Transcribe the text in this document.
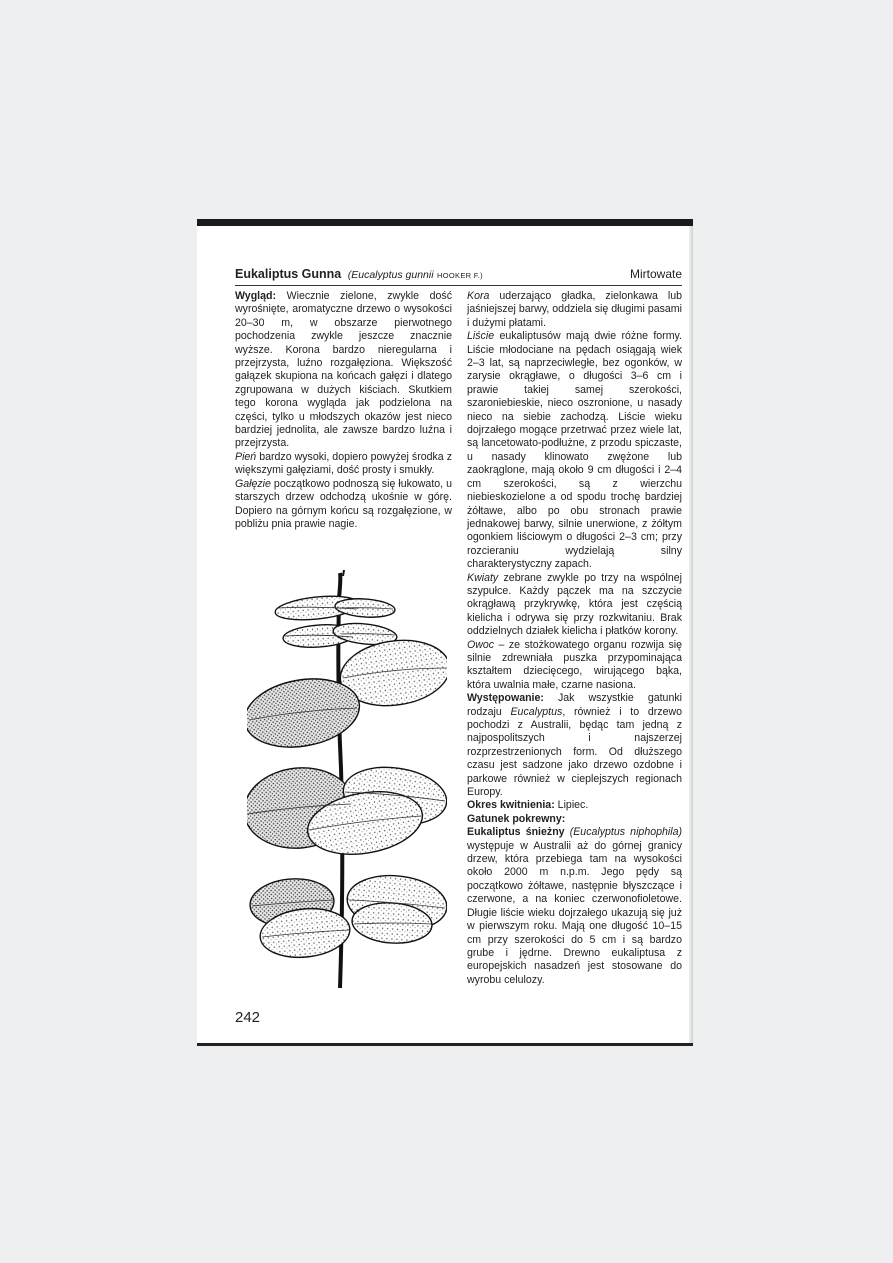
Eukaliptus Gunna (Eucalyptus gunnii HOOKER F.)	Mirtowate

Wygląd: Wiecznie zielone, zwykle dość wyrośnięte, aromatyczne drzewo o wysokości 20–30 m, w obszarze pierwotnego pochodzenia zwykle jeszcze znacznie wyższe. Korona bardzo nieregularna i przejrzysta, luźno rozgałęziona. Większość gałązek skupiona na końcach gałęzi i dlatego zgrupowana w dużych kiściach. Skutkiem tego korona wygląda jak podzielona na części, tylko u młodszych okazów jest nieco bardziej jednolita, ale zawsze bardzo luźna i przejrzysta.

Pień bardzo wysoki, dopiero powyżej środka z większymi gałęziami, dość prosty i smukły.

Gałęzie początkowo podnoszą się łukowato, u starszych drzew odchodzą ukośnie w górę. Dopiero na górnym końcu są rozgałęzione, w pobliżu pnia prawie nagie.

Kora uderzająco gładka, zielonkawa lub jaśniejszej barwy, oddziela się długimi pasami i dużymi płatami.

Liście eukaliptusów mają dwie różne formy. Liście młodociane na pędach osiągają wiek 2–3 lat, są naprzeciwległe, bez ogonków, w zarysie okrągławe, o długości 3–6 cm i prawie takiej samej szerokości, szaroniebieskie, nieco oszronione, u nasady nieco na siebie zachodzą. Liście wieku dojrzałego mogące przetrwać przez wiele lat, są lancetowato-podłużne, z przodu spiczaste, u nasady klinowato zwężone lub zaokrąglone, mają około 9 cm długości i 2–4 cm szerokości, są z wierzchu niebieskozielone a od spodu trochę bardziej żółtawe, albo po obu stronach prawie jednakowej barwy, silnie unerwione, z żółtym ogonkiem liściowym o długości 2–3 cm; przy rozcieraniu wydzielają silny charakterystyczny zapach.

Kwiaty zebrane zwykle po trzy na wspólnej szypułce. Każdy pączek ma na szczycie okrągławą przykrywkę, która jest częścią kielicha i odrywa się przy rozkwitaniu. Brak oddzielnych działek kielicha i płatków korony.

Owoc – ze stożkowatego organu rozwija się silnie zdrewniała puszka przypominająca kształtem dziecięcego, wirującego bąka, która uwalnia małe, czarne nasiona.

Występowanie: Jak wszystkie gatunki rodzaju Eucalyptus, również i to drzewo pochodzi z Australii, będąc tam jedną z najpospolitszych i najszerzej rozprzestrzenionych form. Od dłuższego czasu jest sadzone jako drzewo ozdobne i parkowe również w cieplejszych regionach Europy.

Okres kwitnienia: Lipiec.

Gatunek pokrewny:

Eukaliptus śnieżny (Eucalyptus niphophila) występuje w Australii aż do górnej granicy drzew, która przebiega tam na wysokości około 2000 m n.p.m. Jego pędy są początkowo żółtawe, następnie błyszczące i czerwone, a na koniec czerwonofioletowe. Długie liście wieku dojrzałego ukazują się już w pierwszym roku. Mają one długość 10–15 cm przy szerokości do 5 cm i są bardzo grube i jędrne. Drewno eukaliptusa z europejskich nasadzeń jest stosowane do wyrobu celulozy.

242
